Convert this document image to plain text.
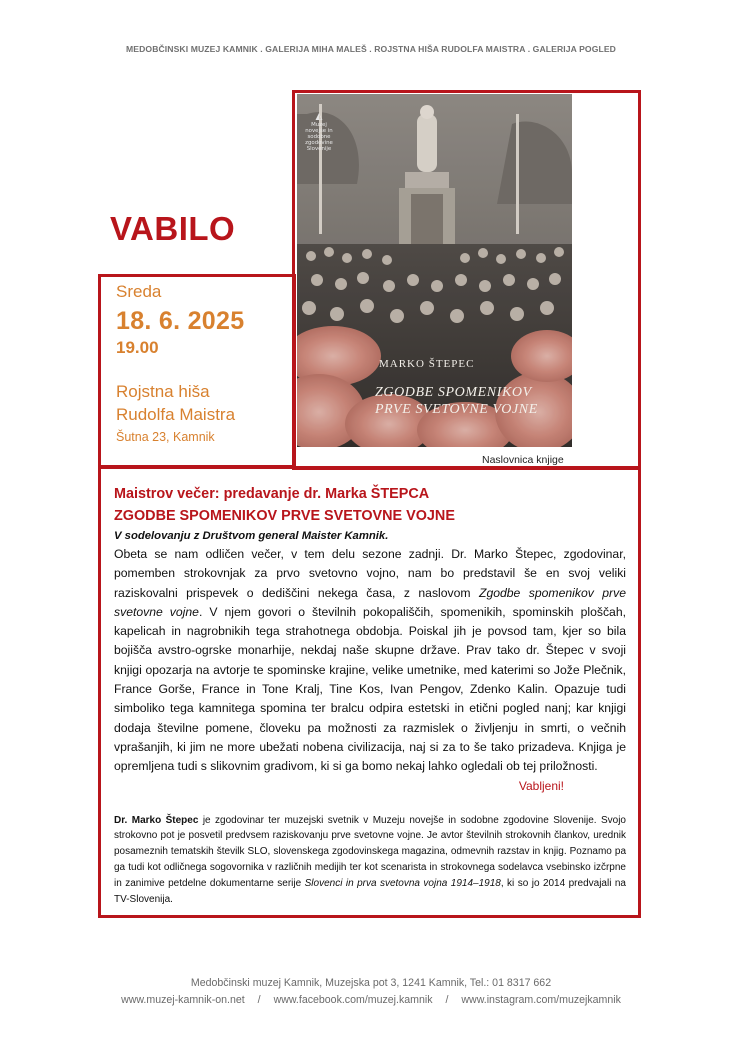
MEDOBČINSKI MUZEJ KAMNIK . GALERIJA MIHA MALEŠ . ROJSTNA HIŠA RUDOLFA MAISTRA . GALERIJA POGLED
VABILO
Sreda
18. 6. 2025
19.00
Rojstna hiša
Rudolfa Maistra
Šutna 23, Kamnik
◭
Muzej
novejše in
sodobne
zgodovine
Slovenije
MARKO ŠTEPEC
ZGODBE SPOMENIKOV
PRVE SVETOVNE VOJNE
Naslovnica knjige
Maistrov večer: predavanje dr. Marka ŠTEPCA
ZGODBE SPOMENIKOV PRVE SVETOVNE VOJNE
V sodelovanju z Društvom general Maister Kamnik.
Obeta se nam odličen večer, v tem delu sezone zadnji. Dr. Marko Štepec, zgodovinar, pomemben strokovnjak za prvo svetovno vojno, nam bo predstavil še en svoj veliki raziskovalni prispevek o dediščini nekega časa, z naslovom Zgodbe spomenikov prve svetovne vojne. V njem govori o številnih pokopališčih, spomenikih, spominskih ploščah, kapelicah in nagrobnikih tega strahotnega obdobja. Poiskal jih je povsod tam, kjer so bila bojišča avstro-ogrske monarhije, nekdaj naše skupne države. Prav tako dr. Štepec v svoji knjigi opozarja na avtorje te spominske krajine, velike umetnike, med katerimi so Jože Plečnik, France Gorše, France in Tone Kralj, Tine Kos, Ivan Pengov, Zdenko Kalin. Opazuje tudi simboliko tega kamnitega spomina ter bralcu odpira estetski in etični pogled nanj; kar knjigi dodaja številne pomene, človeku pa možnosti za razmislek o življenju in smrti, o večnih vprašanjih, ki jim ne more ubežati nobena civilizacija, naj si za to še tako prizadeva. Knjiga je opremljena tudi s slikovnim gradivom, ki si ga bomo nekaj lahko ogledali ob tej priložnosti.
Vabljeni!
Dr. Marko Štepec je zgodovinar ter muzejski svetnik v Muzeju novejše in sodobne zgodovine Slovenije. Svojo strokovno pot je posvetil predvsem raziskovanju prve svetovne vojne. Je avtor številnih strokovnih člankov, urednik posameznih tematskih številk SLO, slovenskega zgodovinskega magazina, odmevnih razstav in knjig. Poznamo pa ga tudi kot odličnega sogovornika v različnih medijih ter kot scenarista in strokovnega sodelavca vsebinsko izčrpne in zanimive petdelne dokumentarne serije Slovenci in prva svetovna vojna 1914–1918, ki so jo 2014 predvajali na TV-Slovenija.
Medobčinski muzej Kamnik, Muzejska pot 3, 1241 Kamnik, Tel.: 01 8317 662
www.muzej-kamnik-on.net / www.facebook.com/muzej.kamnik / www.instagram.com/muzejkamnik
